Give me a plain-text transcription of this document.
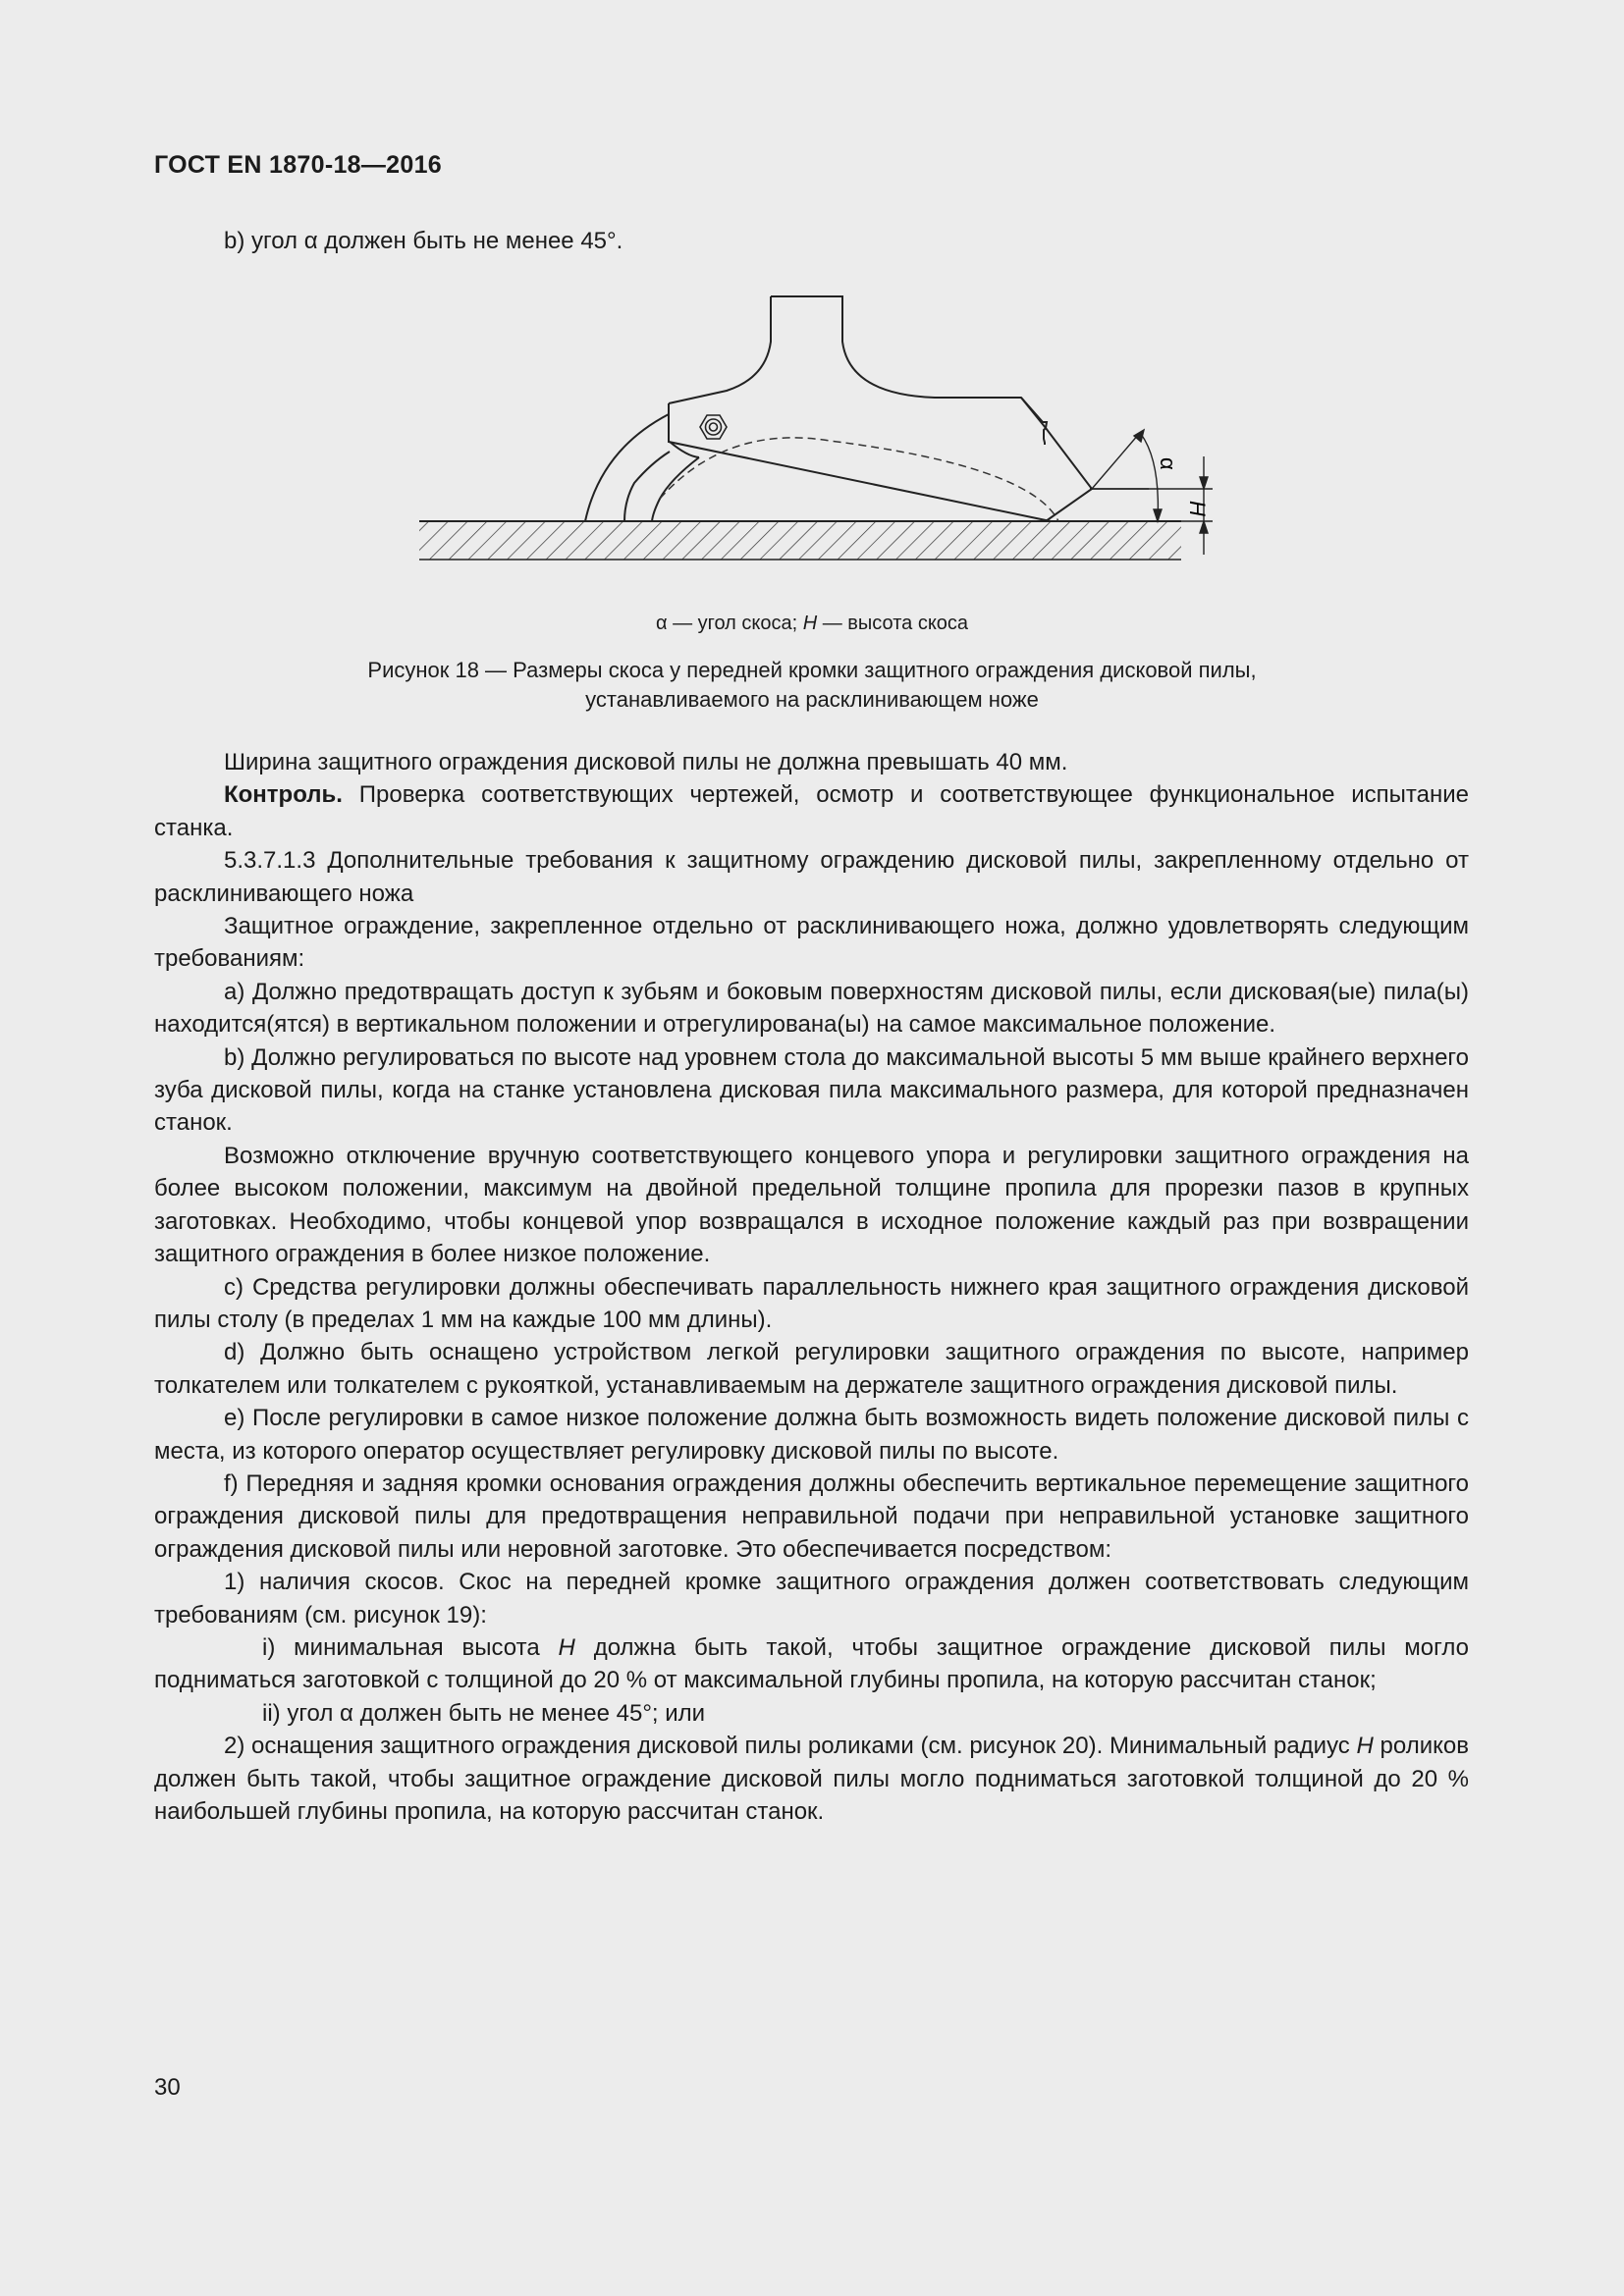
ГОСТ EN 1870-18—2016
b) угол α должен быть не менее 45°.
α
H
α — угол скоса; H — высота скоса
Рисунок 18 — Размеры скоса у передней кромки защитного ограждения дисковой пилы,
устанавливаемого на расклинивающем ноже

Ширина защитного ограждения дисковой пилы не должна превышать 40 мм.

Контроль. Проверка соответствующих чертежей, осмотр и соответствующее функциональное испытание станка.

5.3.7.1.3 Дополнительные требования к защитному ограждению дисковой пилы, закрепленному отдельно от расклинивающего ножа

Защитное ограждение, закрепленное отдельно от расклинивающего ножа, должно удовлетворять следующим требованиям:

a) Должно предотвращать доступ к зубьям и боковым поверхностям дисковой пилы, если дисковая(ые) пила(ы) находится(ятся) в вертикальном положении и отрегулирована(ы) на самое максимальное положение.

b) Должно регулироваться по высоте над уровнем стола до максимальной высоты 5 мм выше крайнего верхнего зуба дисковой пилы, когда на станке установлена дисковая пила максимального размера, для которой предназначен станок.

Возможно отключение вручную соответствующего концевого упора и регулировки защитного ограждения на более высоком положении, максимум на двойной предельной толщине пропила для прорезки пазов в крупных заготовках. Необходимо, чтобы концевой упор возвращался в исходное положение каждый раз при возвращении защитного ограждения в более низкое положение.

c) Средства регулировки должны обеспечивать параллельность нижнего края защитного ограждения дисковой пилы столу (в пределах 1 мм на каждые 100 мм длины).

d) Должно быть оснащено устройством легкой регулировки защитного ограждения по высоте, например толкателем или толкателем с рукояткой, устанавливаемым на держателе защитного ограждения дисковой пилы.

e) После регулировки в самое низкое положение должна быть возможность видеть положение дисковой пилы с места, из которого оператор осуществляет регулировку дисковой пилы по высоте.

f) Передняя и задняя кромки основания ограждения должны обеспечить вертикальное перемещение защитного ограждения дисковой пилы для предотвращения неправильной подачи при неправильной установке защитного ограждения дисковой пилы или неровной заготовке. Это обеспечивается посредством:

1) наличия скосов. Скос на передней кромке защитного ограждения должен соответствовать следующим требованиям (см. рисунок 19):

i) минимальная высота H должна быть такой, чтобы защитное ограждение дисковой пилы могло подниматься заготовкой с толщиной до 20 % от максимальной глубины пропила, на которую рассчитан станок;

ii) угол α должен быть не менее 45°; или

2) оснащения защитного ограждения дисковой пилы роликами (см. рисунок 20). Минимальный радиус H роликов должен быть такой, чтобы защитное ограждение дисковой пилы могло подниматься заготовкой толщиной до 20 % наибольшей глубины пропила, на которую рассчитан станок.

30
